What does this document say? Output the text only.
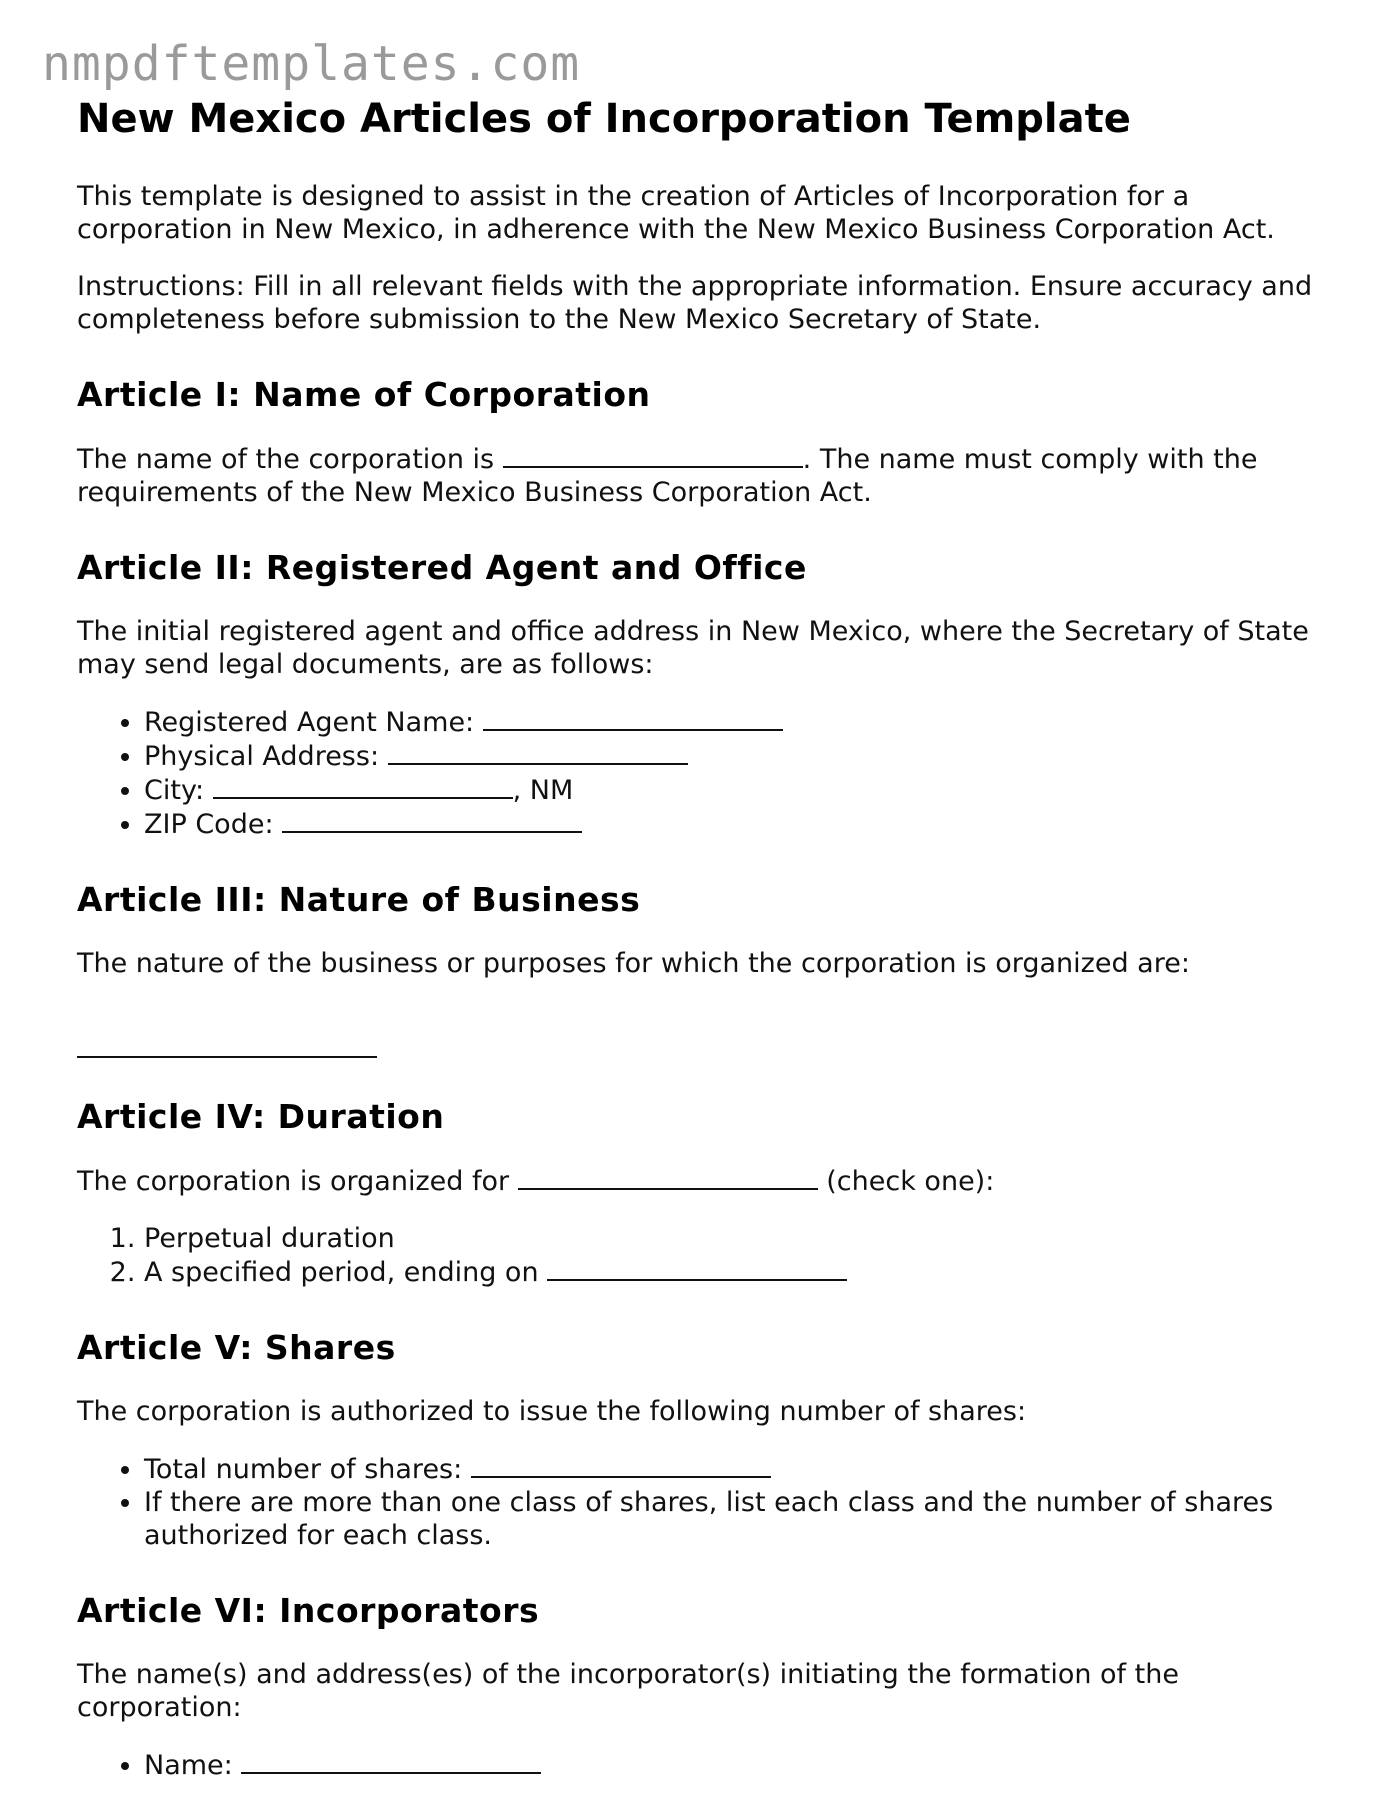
nmpdftemplates.com
New Mexico Articles of Incorporation Template

This template is designed to assist in the creation of Articles of Incorporation for a corporation in New Mexico, in adherence with the New Mexico Business Corporation Act.

Instructions: Fill in all relevant fields with the appropriate information. Ensure accuracy and completeness before submission to the New Mexico Secretary of State.

Article I: Name of Corporation

The name of the corporation is	. The name must comply with the requirements of the New Mexico Business Corporation Act.

Article II: Registered Agent and Office

The initial registered agent and office address in New Mexico, where the Secretary of State may send legal documents, are as follows:

• Registered Agent Name:
• Physical Address:
• City:	, NM
• ZIP Code:
Article III: Nature of Business

The nature of the business or purposes for which the corporation is organized are:

Article IV: Duration

The corporation is organized for	(check one):

1. Perpetual duration
2. A specified period, ending on
Article V: Shares

The corporation is authorized to issue the following number of shares:

• Total number of shares:
• If there are more than one class of shares, list each class and the number of shares authorized for each class.
Article VI: Incorporators

The name(s) and address(es) of the incorporator(s) initiating the formation of the corporation:

• Name:
